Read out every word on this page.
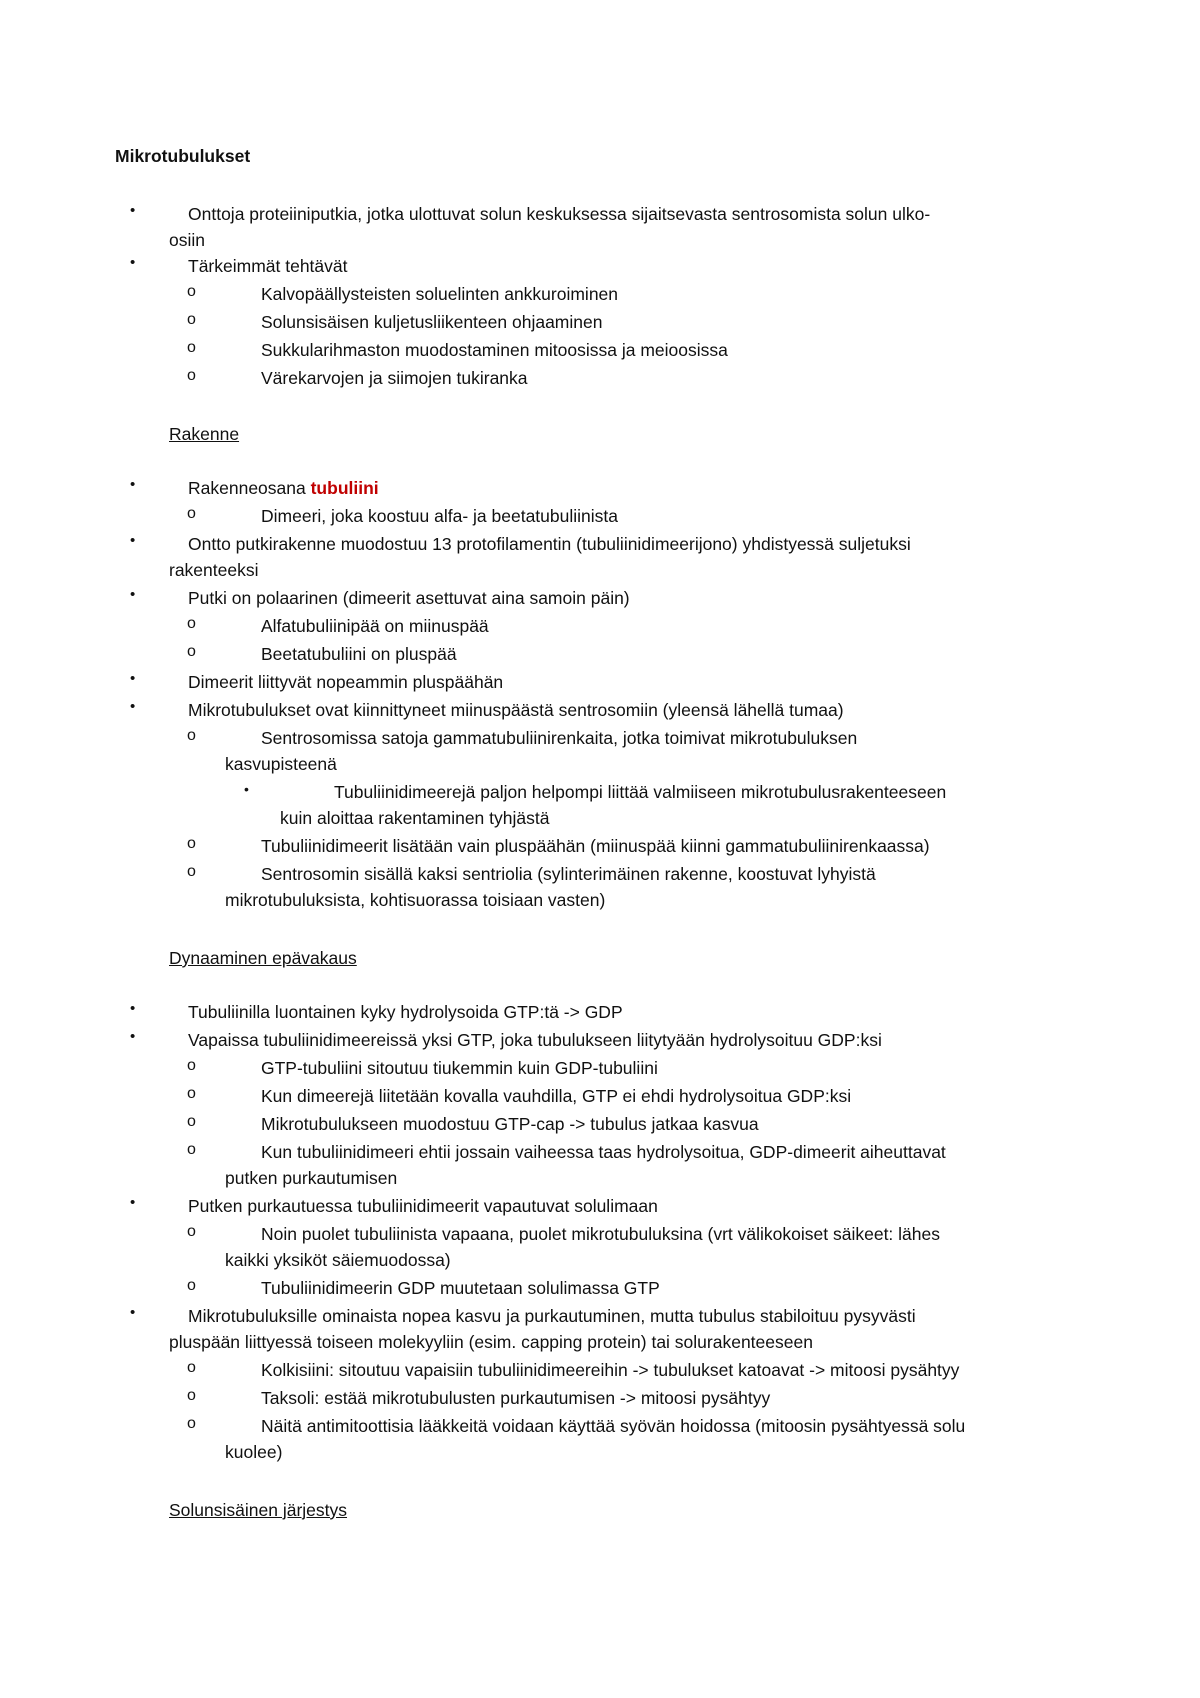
Mikrotubulukset
•	Onttoja proteiiniputkia, jotka ulottuvat solun keskuksessa sijaitsevasta sentrosomista solun ulko-
osiin
•	Tärkeimmät tehtävät
o	Kalvopäällysteisten soluelinten ankkuroiminen
o	Solunsisäisen kuljetusliikenteen ohjaaminen
o	Sukkularihmaston muodostaminen mitoosissa ja meioosissa
o	Värekarvojen ja siimojen tukiranka
Rakenne
•	Rakenneosana tubuliini
o	Dimeeri, joka koostuu alfa- ja beetatubuliinista
•	Ontto putkirakenne muodostuu 13 protofilamentin (tubuliinidimeerijono) yhdistyessä suljetuksi
rakenteeksi
•	Putki on polaarinen (dimeerit asettuvat aina samoin päin)
o	Alfatubuliinipää on miinuspää
o	Beetatubuliini on pluspää
•	Dimeerit liittyvät nopeammin pluspäähän
•	Mikrotubulukset ovat kiinnittyneet miinuspäästä sentrosomiin (yleensä lähellä tumaa)
o	Sentrosomissa satoja gammatubuliinirenkaita, jotka toimivat mikrotubuluksen
kasvupisteenä
•	Tubuliinidimeerejä paljon helpompi liittää valmiiseen mikrotubulusrakenteeseen
kuin aloittaa rakentaminen tyhjästä
o	Tubuliinidimeerit lisätään vain pluspäähän (miinuspää kiinni gammatubuliinirenkaassa)
o	Sentrosomin sisällä kaksi sentriolia (sylinterimäinen rakenne, koostuvat lyhyistä
mikrotubuluksista, kohtisuorassa toisiaan vasten)
Dynaaminen epävakaus
•	Tubuliinilla luontainen kyky hydrolysoida GTP:tä -> GDP
•	Vapaissa tubuliinidimeereissä yksi GTP, joka tubulukseen liitytyään hydrolysoituu GDP:ksi
o	GTP-tubuliini sitoutuu tiukemmin kuin GDP-tubuliini
o	Kun dimeerejä liitetään kovalla vauhdilla, GTP ei ehdi hydrolysoitua GDP:ksi
o	Mikrotubulukseen muodostuu GTP-cap -> tubulus jatkaa kasvua
o	Kun tubuliinidimeeri ehtii jossain vaiheessa taas hydrolysoitua, GDP-dimeerit aiheuttavat
putken purkautumisen
•	Putken purkautuessa tubuliinidimeerit vapautuvat solulimaan
o	Noin puolet tubuliinista vapaana, puolet mikrotubuluksina (vrt välikokoiset säikeet: lähes
kaikki yksiköt säiemuodossa)
o	Tubuliinidimeerin GDP muutetaan solulimassa GTP
•	Mikrotubuluksille ominaista nopea kasvu ja purkautuminen, mutta tubulus stabiloituu pysyvästi
pluspään liittyessä toiseen molekyyliin (esim. capping protein) tai solurakenteeseen
o	Kolkisiini: sitoutuu vapaisiin tubuliinidimeereihin -> tubulukset katoavat -> mitoosi pysähtyy
o	Taksoli: estää mikrotubulusten purkautumisen -> mitoosi pysähtyy
o	Näitä antimitoottisia lääkkeitä voidaan käyttää syövän hoidossa (mitoosin pysähtyessä solu
kuolee)
Solunsisäinen järjestys
